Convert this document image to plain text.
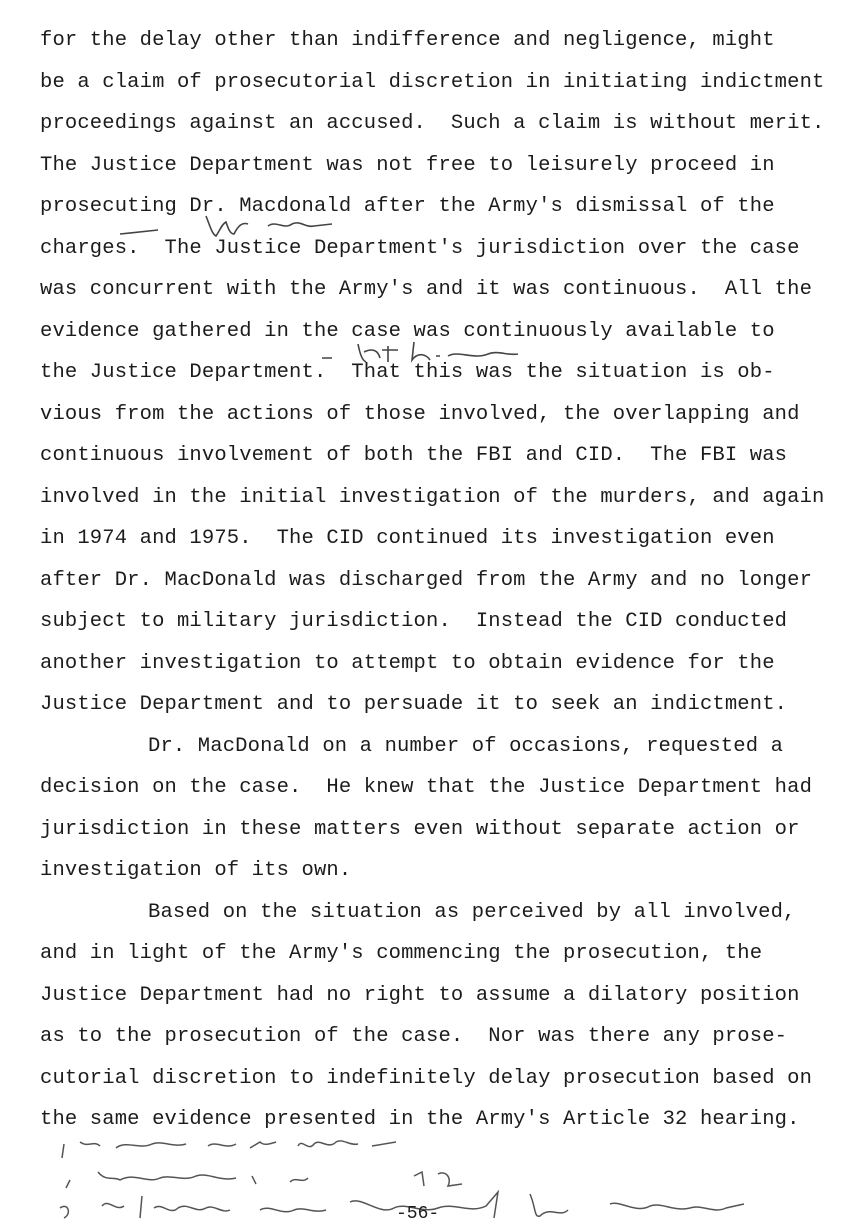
for the delay other than indifference and negligence, might
be a claim of prosecutorial discretion in initiating indictment
proceedings against an accused.  Such a claim is without merit.
The Justice Department was not free to leisurely proceed in
prosecuting Dr. Macdonald after the Army's dismissal of the
charges.  The Justice Department's jurisdiction over the case
was concurrent with the Army's and it was continuous.  All the
evidence gathered in the case was continuously available to
the Justice Department.  That this was the situation is ob-
vious from the actions of those involved, the overlapping and
continuous involvement of both the FBI and CID.  The FBI was
involved in the initial investigation of the murders, and again
in 1974 and 1975.  The CID continued its investigation even
after Dr. MacDonald was discharged from the Army and no longer
subject to military jurisdiction.  Instead the CID conducted
another investigation to attempt to obtain evidence for the
Justice Department and to persuade it to seek an indictment.
Dr. MacDonald on a number of occasions, requested a
decision on the case.  He knew that the Justice Department had
jurisdiction in these matters even without separate action or
investigation of its own.
Based on the situation as perceived by all involved,
and in light of the Army's commencing the prosecution, the
Justice Department had no right to assume a dilatory position
as to the prosecution of the case.  Nor was there any prose-
cutorial discretion to indefinitely delay prosecution based on
the same evidence presented in the Army's Article 32 hearing.
-56-
